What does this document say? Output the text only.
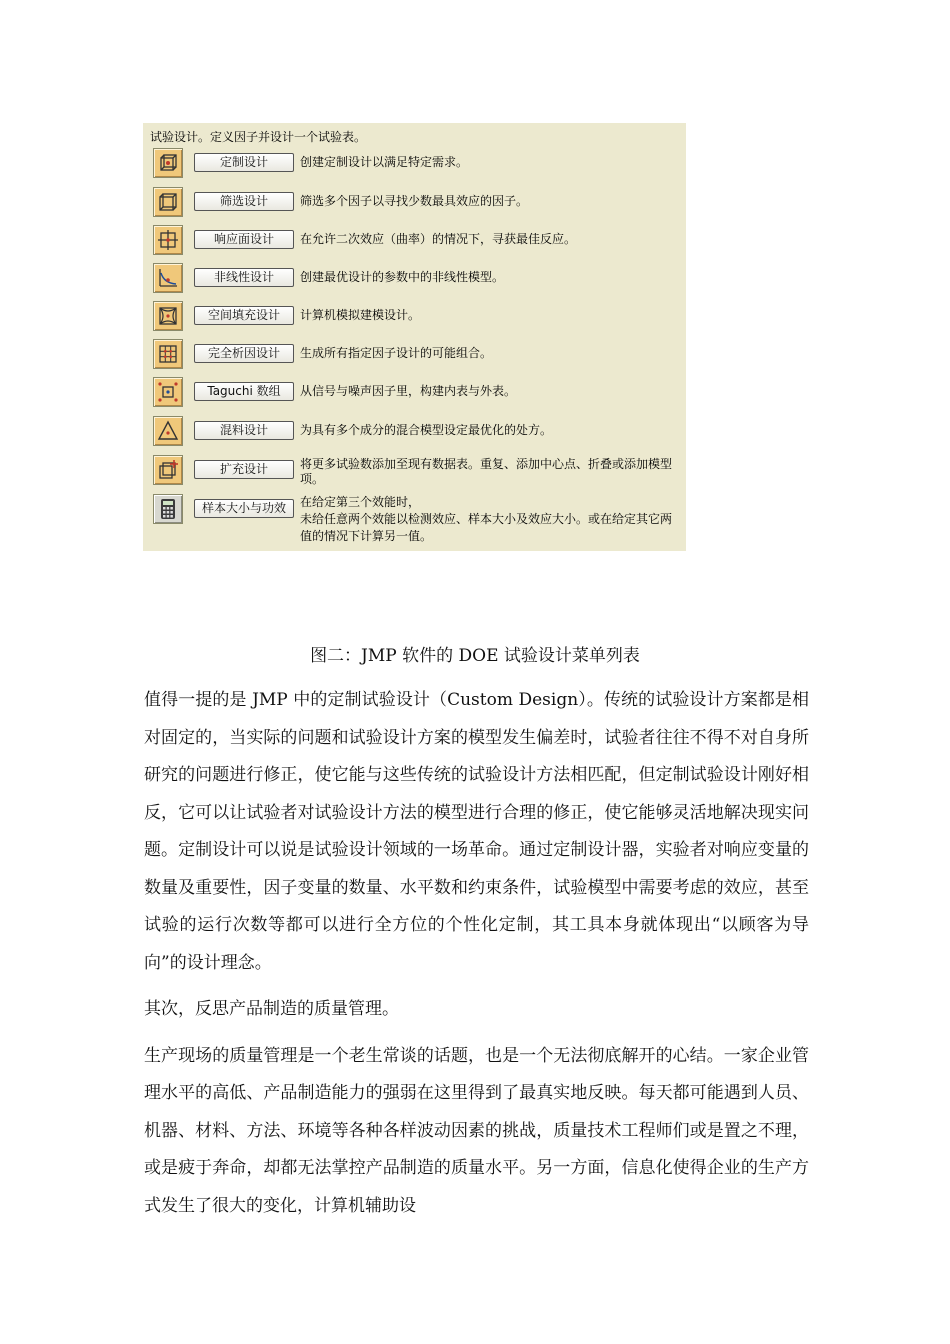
试验设计。定义因子并设计一个试验表。
定制设计	创建定制设计以满足特定需求。
筛选设计	筛选多个因子以寻找少数最具效应的因子。
响应面设计	在允许二次效应（曲率）的情况下，寻获最佳反应。
非线性设计	创建最优设计的参数中的非线性模型。
空间填充设计	计算机模拟建模设计。
完全析因设计	生成所有指定因子设计的可能组合。
Taguchi 数组	从信号与噪声因子里，构建内表与外表。
混料设计	为具有多个成分的混合模型设定最优化的处方。
扩充设计	将更多试验数添加至现有数据表。重复、添加中心点、折叠或添加模型项。
样本大小与功效	在给定第三个效能时，
未给任意两个效能以检测效应、样本大小及效应大小。或在给定其它两值的情况下计算另一值。
图二：JMP 软件的 DOE 试验设计菜单列表

值得一提的是 JMP 中的定制试验设计（Custom Design）。传统的试验设计方案都是相对固定的，当实际的问题和试验设计方案的模型发生偏差时，试验者往往不得不对自身所研究的问题进行修正，使它能与这些传统的试验设计方法相匹配，但定制试验设计刚好相反，它可以让试验者对试验设计方法的模型进行合理的修正，使它能够灵活地解决现实问题。定制设计可以说是试验设计领域的一场革命。通过定制设计器，实验者对响应变量的数量及重要性，因子变量的数量、水平数和约束条件，试验模型中需要考虑的效应，甚至试验的运行次数等都可以进行全方位的个性化定制，其工具本身就体现出“以顾客为导向”的设计理念。

其次，反思产品制造的质量管理。

生产现场的质量管理是一个老生常谈的话题，也是一个无法彻底解开的心结。一家企业管理水平的高低、产品制造能力的强弱在这里得到了最真实地反映。每天都可能遇到人员、机器、材料、方法、环境等各种各样波动因素的挑战，质量技术工程师们或是置之不理，或是疲于奔命，却都无法掌控产品制造的质量水平。另一方面，信息化使得企业的生产方式发生了很大的变化，计算机辅助设
